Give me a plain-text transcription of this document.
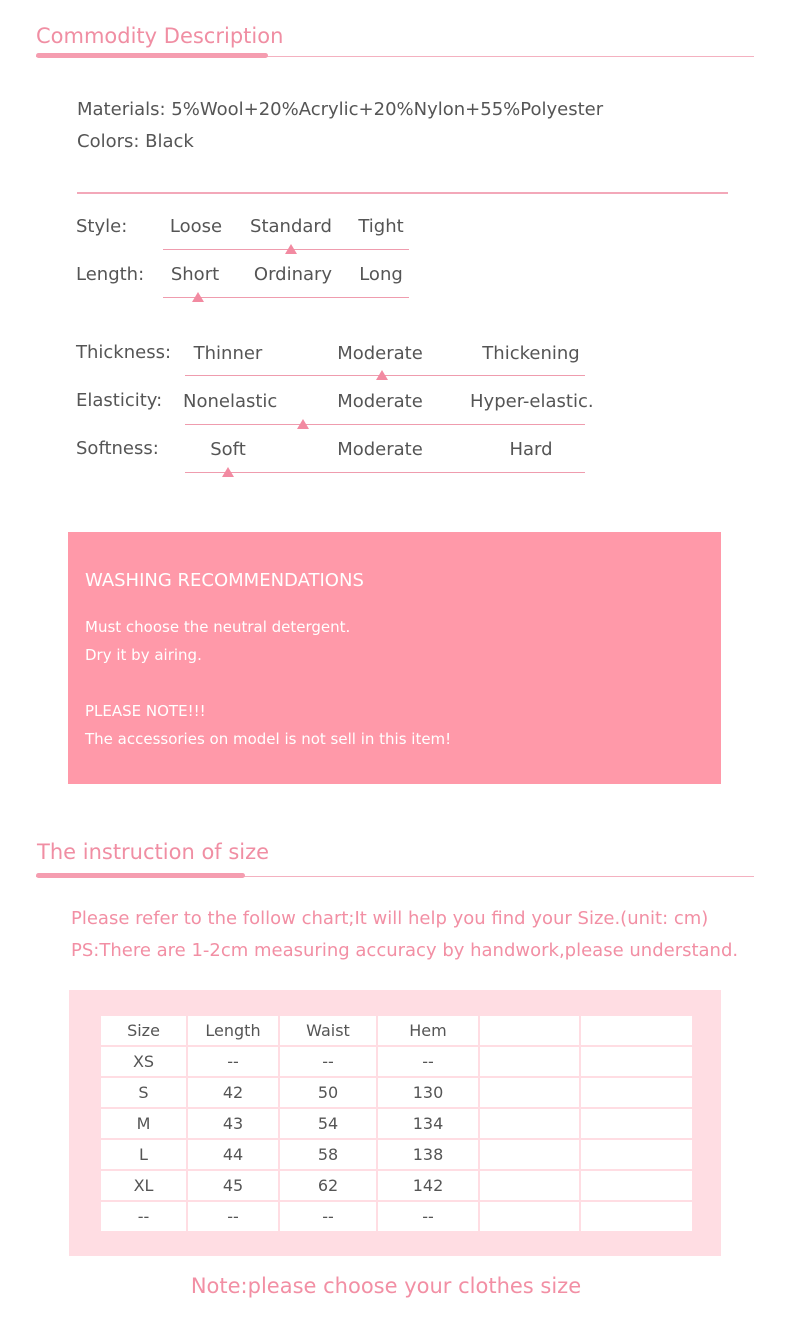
Commodity Description
Materials: 5%Wool+20%Acrylic+20%Nylon+55%Polyester
Colors: Black
Style: Loose Standard Tight
Length: Short Ordinary Long
Thickness: Thinner	Moderate	Thickening
Elasticity: Nonelastic	Moderate	Hyper-elastic.
Softness:	Soft	Moderate	Hard
WASHING RECOMMENDATIONS
Must choose the neutral detergent.
Dry it by airing.
PLEASE NOTE!!!
The accessories on model is not sell in this item!
The instruction of size
Please refer to the follow chart;It will help you find your Size.(unit: cm)
PS:There are 1-2cm measuring accuracy by handwork,please understand.
Size	Length	Waist	Hem		
XS	--	--	--		
S	42	50	130		
M	43	54	134		
L	44	58	138		
XL	45	62	142		
--	--	--	--		
Note:please choose your clothes size
